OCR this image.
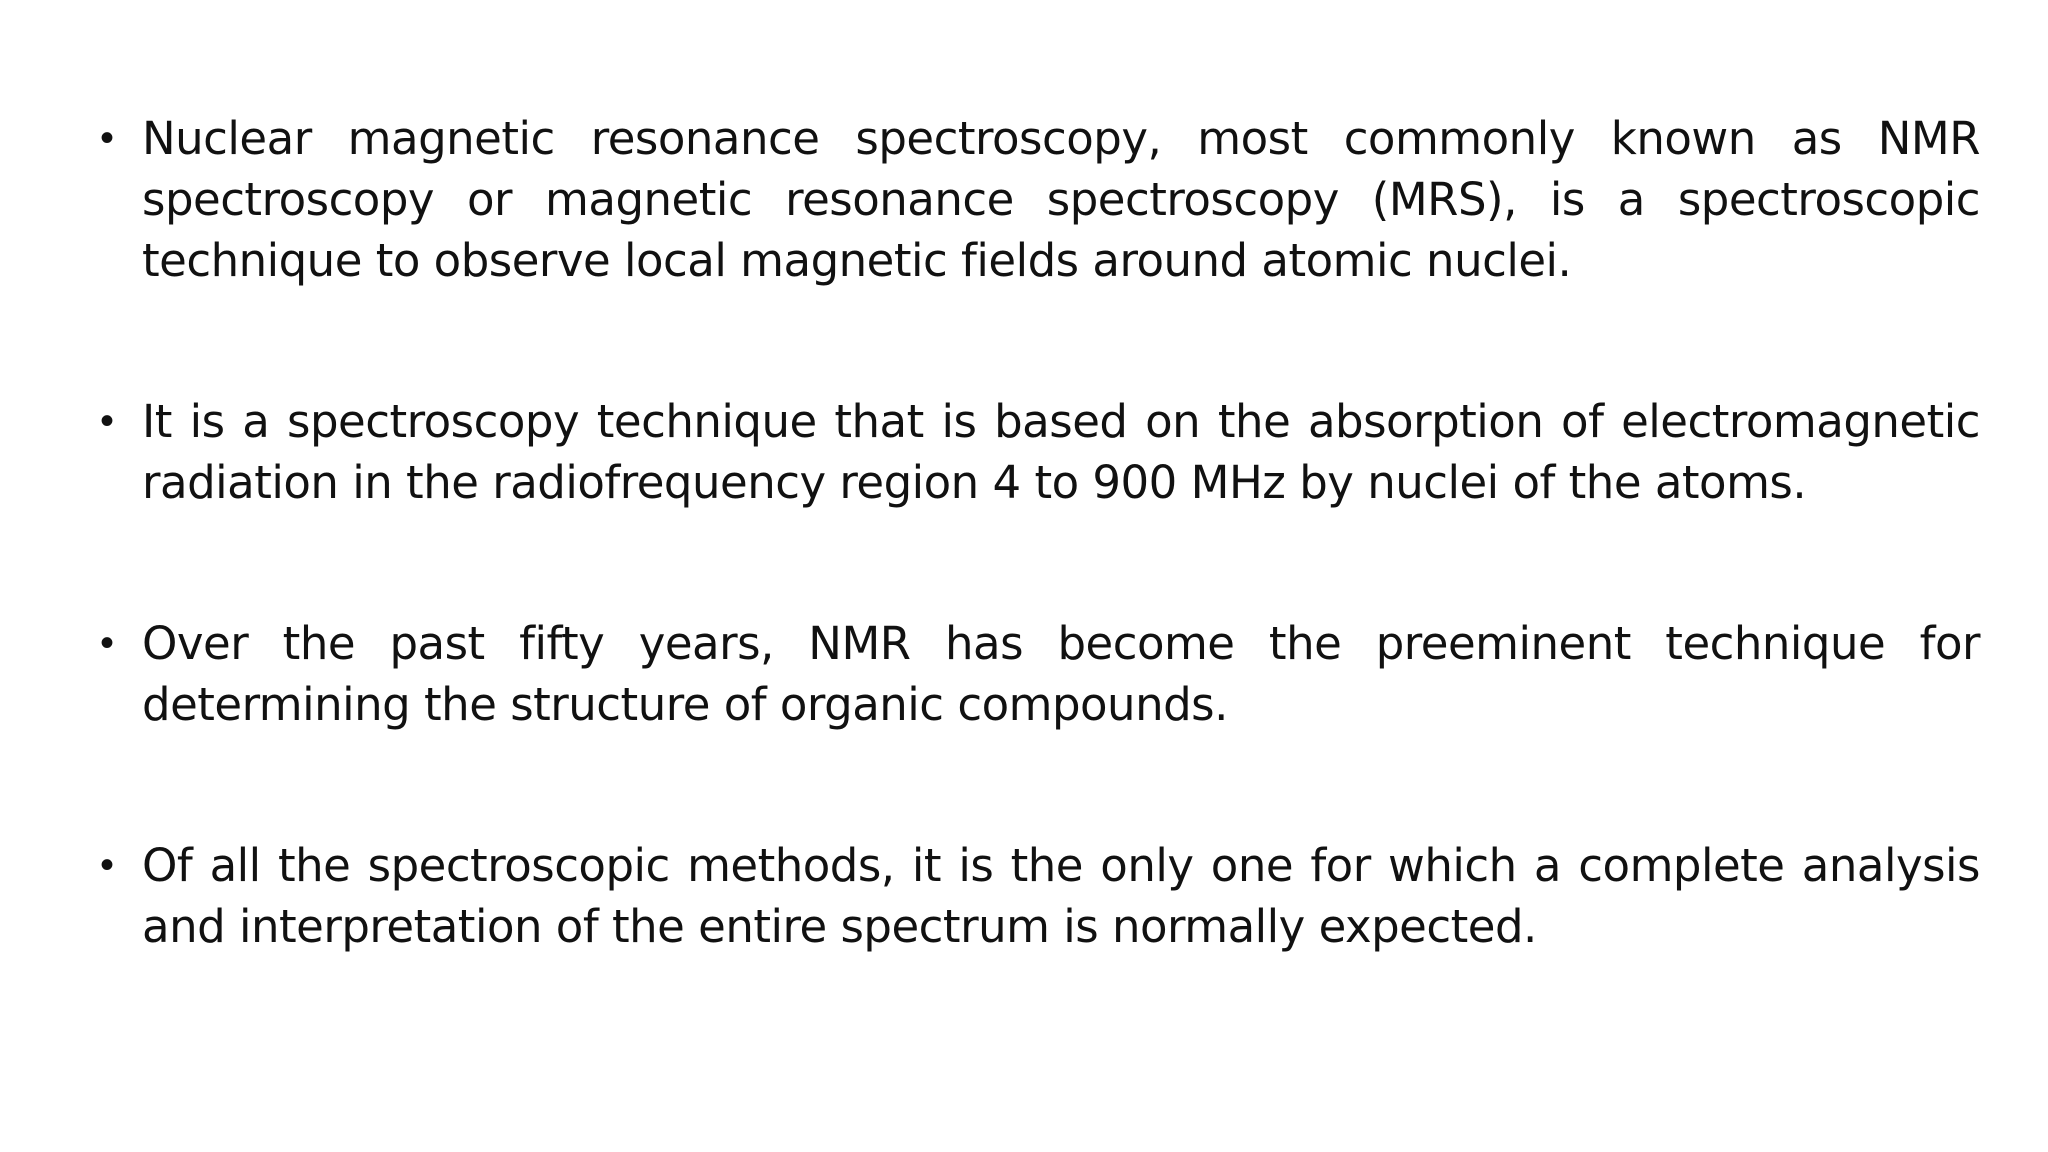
• Nuclear magnetic resonance spectroscopy, most commonly known as NMR spectroscopy or magnetic resonance spectroscopy (MRS), is a spectroscopic technique to observe local magnetic fields around atomic nuclei.
• It is a spectroscopy technique that is based on the absorption of electromagnetic radiation in the radiofrequency region 4 to 900 MHz by nuclei of the atoms.
• Over the past fifty years, NMR has become the preeminent technique for determining the structure of organic compounds.
• Of all the spectroscopic methods, it is the only one for which a complete analysis and interpretation of the entire spectrum is normally expected.
